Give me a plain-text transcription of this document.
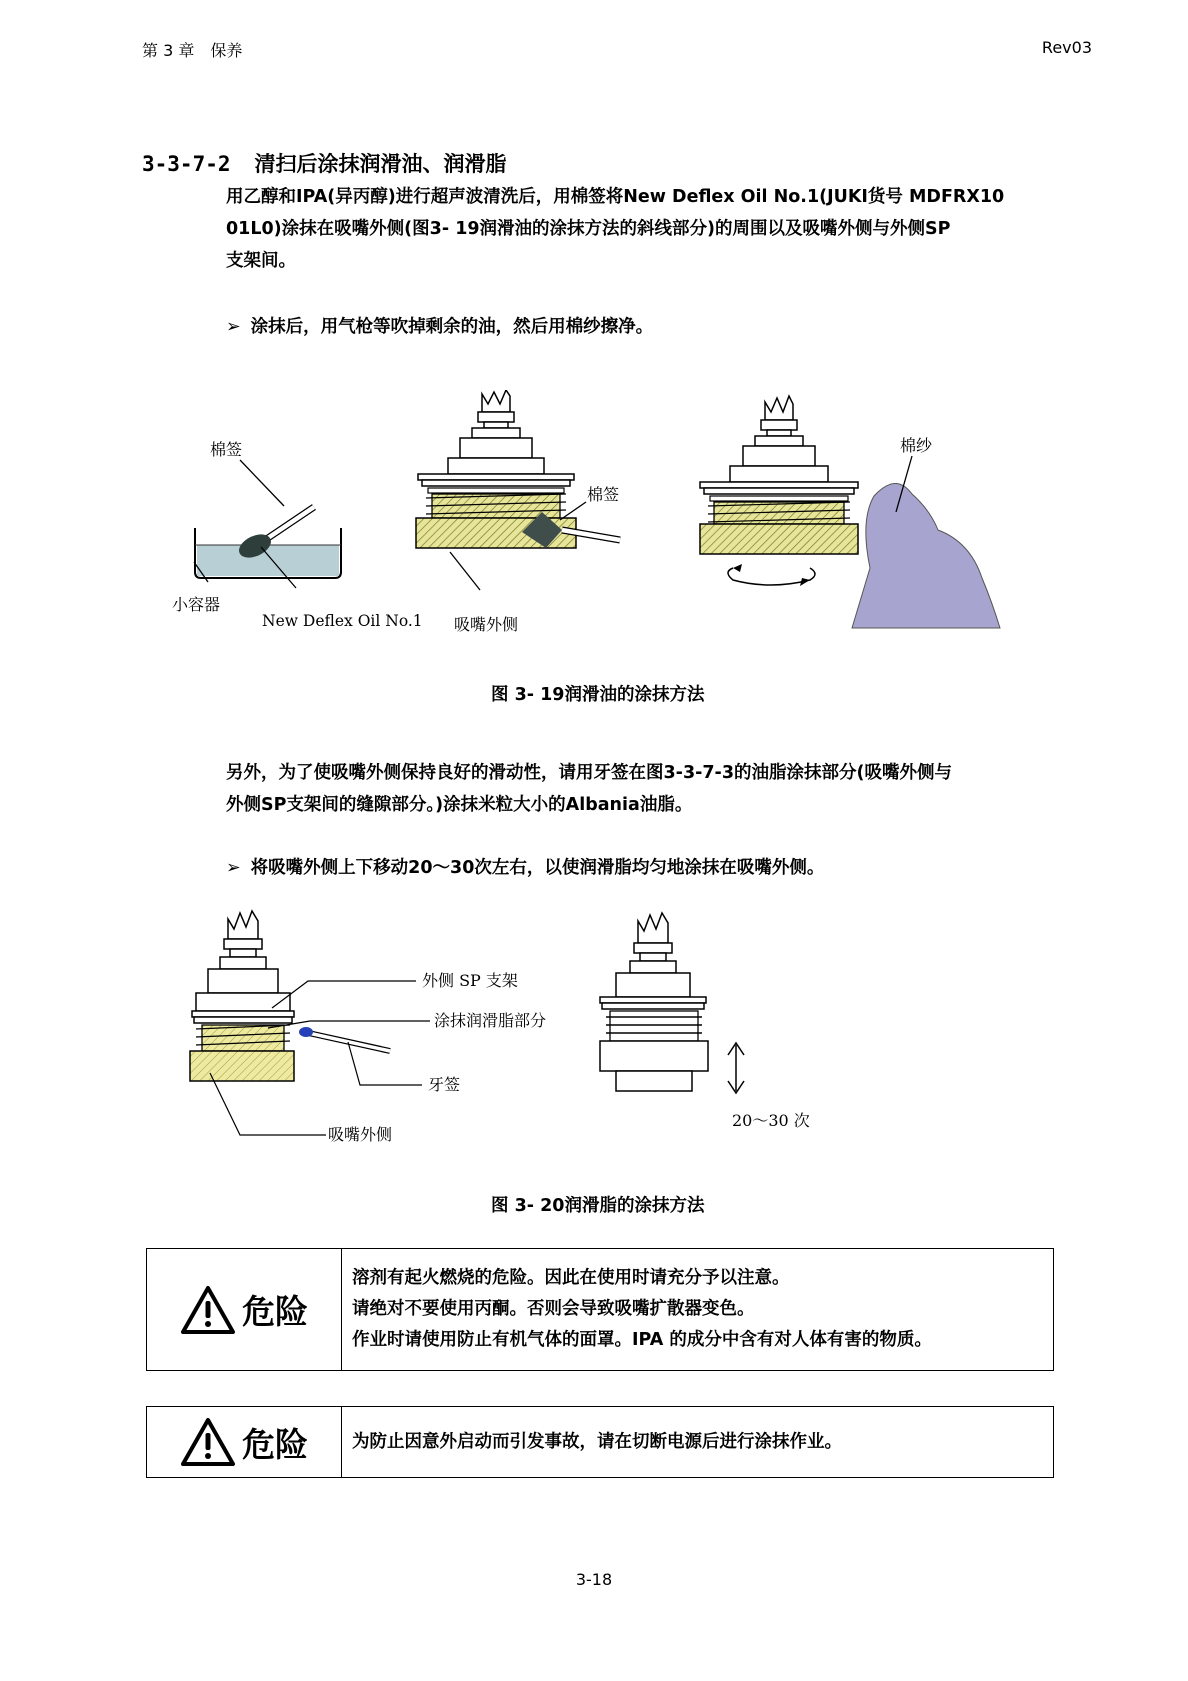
第 3 章　保养	Rev03
3-3-7-2 清扫后涂抹润滑油、润滑脂
用乙醇和IPA(异丙醇)进行超声波清洗后，用棉签将New Deflex Oil No.1(JUKI货号 MDFRX10
01L0)涂抹在吸嘴外侧(图3- 19润滑油的涂抹方法的斜线部分)的周围以及吸嘴外侧与外侧SP
支架间。
➢ 涂抹后，用气枪等吹掉剩余的油，然后用棉纱擦净。
棉签
小容器
New Deflex Oil No.1
棉签
吸嘴外侧
棉纱
图 3- 19润滑油的涂抹方法
另外，为了使吸嘴外侧保持良好的滑动性，请用牙签在图3-3-7-3的油脂涂抹部分(吸嘴外侧与
外侧SP支架间的缝隙部分。)涂抹米粒大小的Albania油脂。
➢ 将吸嘴外侧上下移动20～30次左右，以使润滑脂均匀地涂抹在吸嘴外侧。
外侧 SP 支架
涂抹润滑脂部分
牙签
吸嘴外侧
20～30 次
图 3- 20润滑脂的涂抹方法
危险
溶剂有起火燃烧的危险。因此在使用时请充分予以注意。
请绝对不要使用丙酮。否则会导致吸嘴扩散器变色。
作业时请使用防止有机气体的面罩。IPA 的成分中含有对人体有害的物质。
危险	为防止因意外启动而引发事故，请在切断电源后进行涂抹作业。
3-18
